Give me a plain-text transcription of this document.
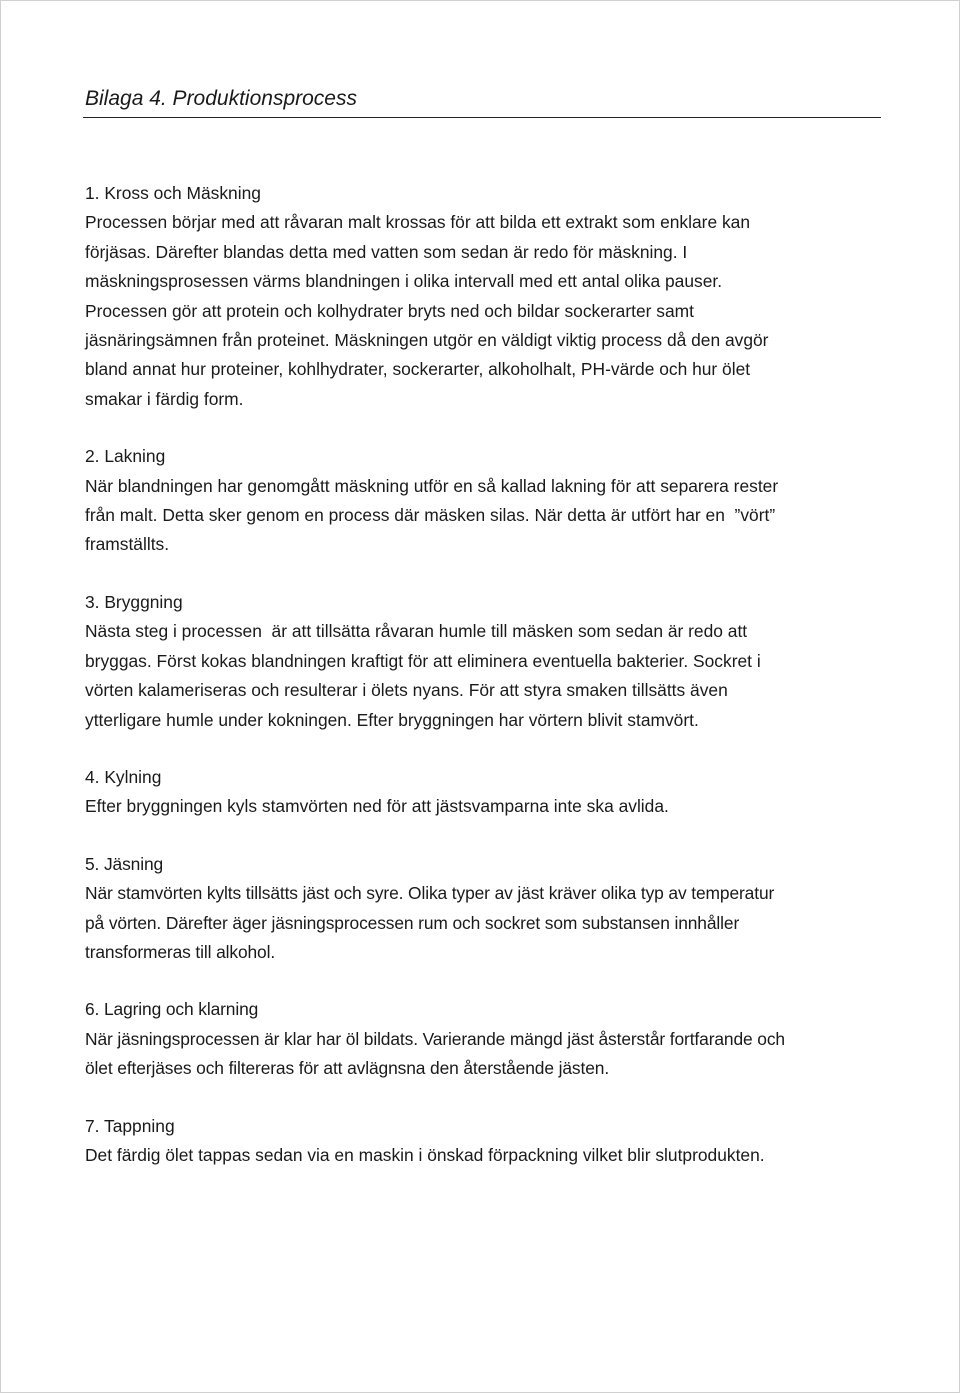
Bilaga 4. Produktionsprocess
1. Kross och Mäskning
Processen börjar med att råvaran malt krossas för att bilda ett extrakt som enklare kan
förjäsas. Därefter blandas detta med vatten som sedan är redo för mäskning. I
mäskningsprosessen värms blandningen i olika intervall med ett antal olika pauser.
Processen gör att protein och kolhydrater bryts ned och bildar sockerarter samt
jäsnäringsämnen från proteinet. Mäskningen utgör en väldigt viktig process då den avgör
bland annat hur proteiner, kohlhydrater, sockerarter, alkoholhalt, PH-värde och hur ölet
smakar i färdig form.
2. Lakning
När blandningen har genomgått mäskning utför en så kallad lakning för att separera rester
från malt. Detta sker genom en process där mäsken silas. När detta är utfört har en  ”vört”
framställts.
3. Bryggning
Nästa steg i processen  är att tillsätta råvaran humle till mäsken som sedan är redo att
bryggas. Först kokas blandningen kraftigt för att eliminera eventuella bakterier. Sockret i
vörten kalameriseras och resulterar i ölets nyans. För att styra smaken tillsätts även
ytterligare humle under kokningen. Efter bryggningen har vörtern blivit stamvört.
4. Kylning
Efter bryggningen kyls stamvörten ned för att jästsvamparna inte ska avlida.
5. Jäsning
När stamvörten kylts tillsätts jäst och syre. Olika typer av jäst kräver olika typ av temperatur
på vörten. Därefter äger jäsningsprocessen rum och sockret som substansen innhåller
transformeras till alkohol.
6. Lagring och klarning
När jäsningsprocessen är klar har öl bildats. Varierande mängd jäst åsterstår fortfarande och
ölet efterjäses och filtereras för att avlägnsna den återstående jästen.
7. Tappning
Det färdig ölet tappas sedan via en maskin i önskad förpackning vilket blir slutprodukten.
